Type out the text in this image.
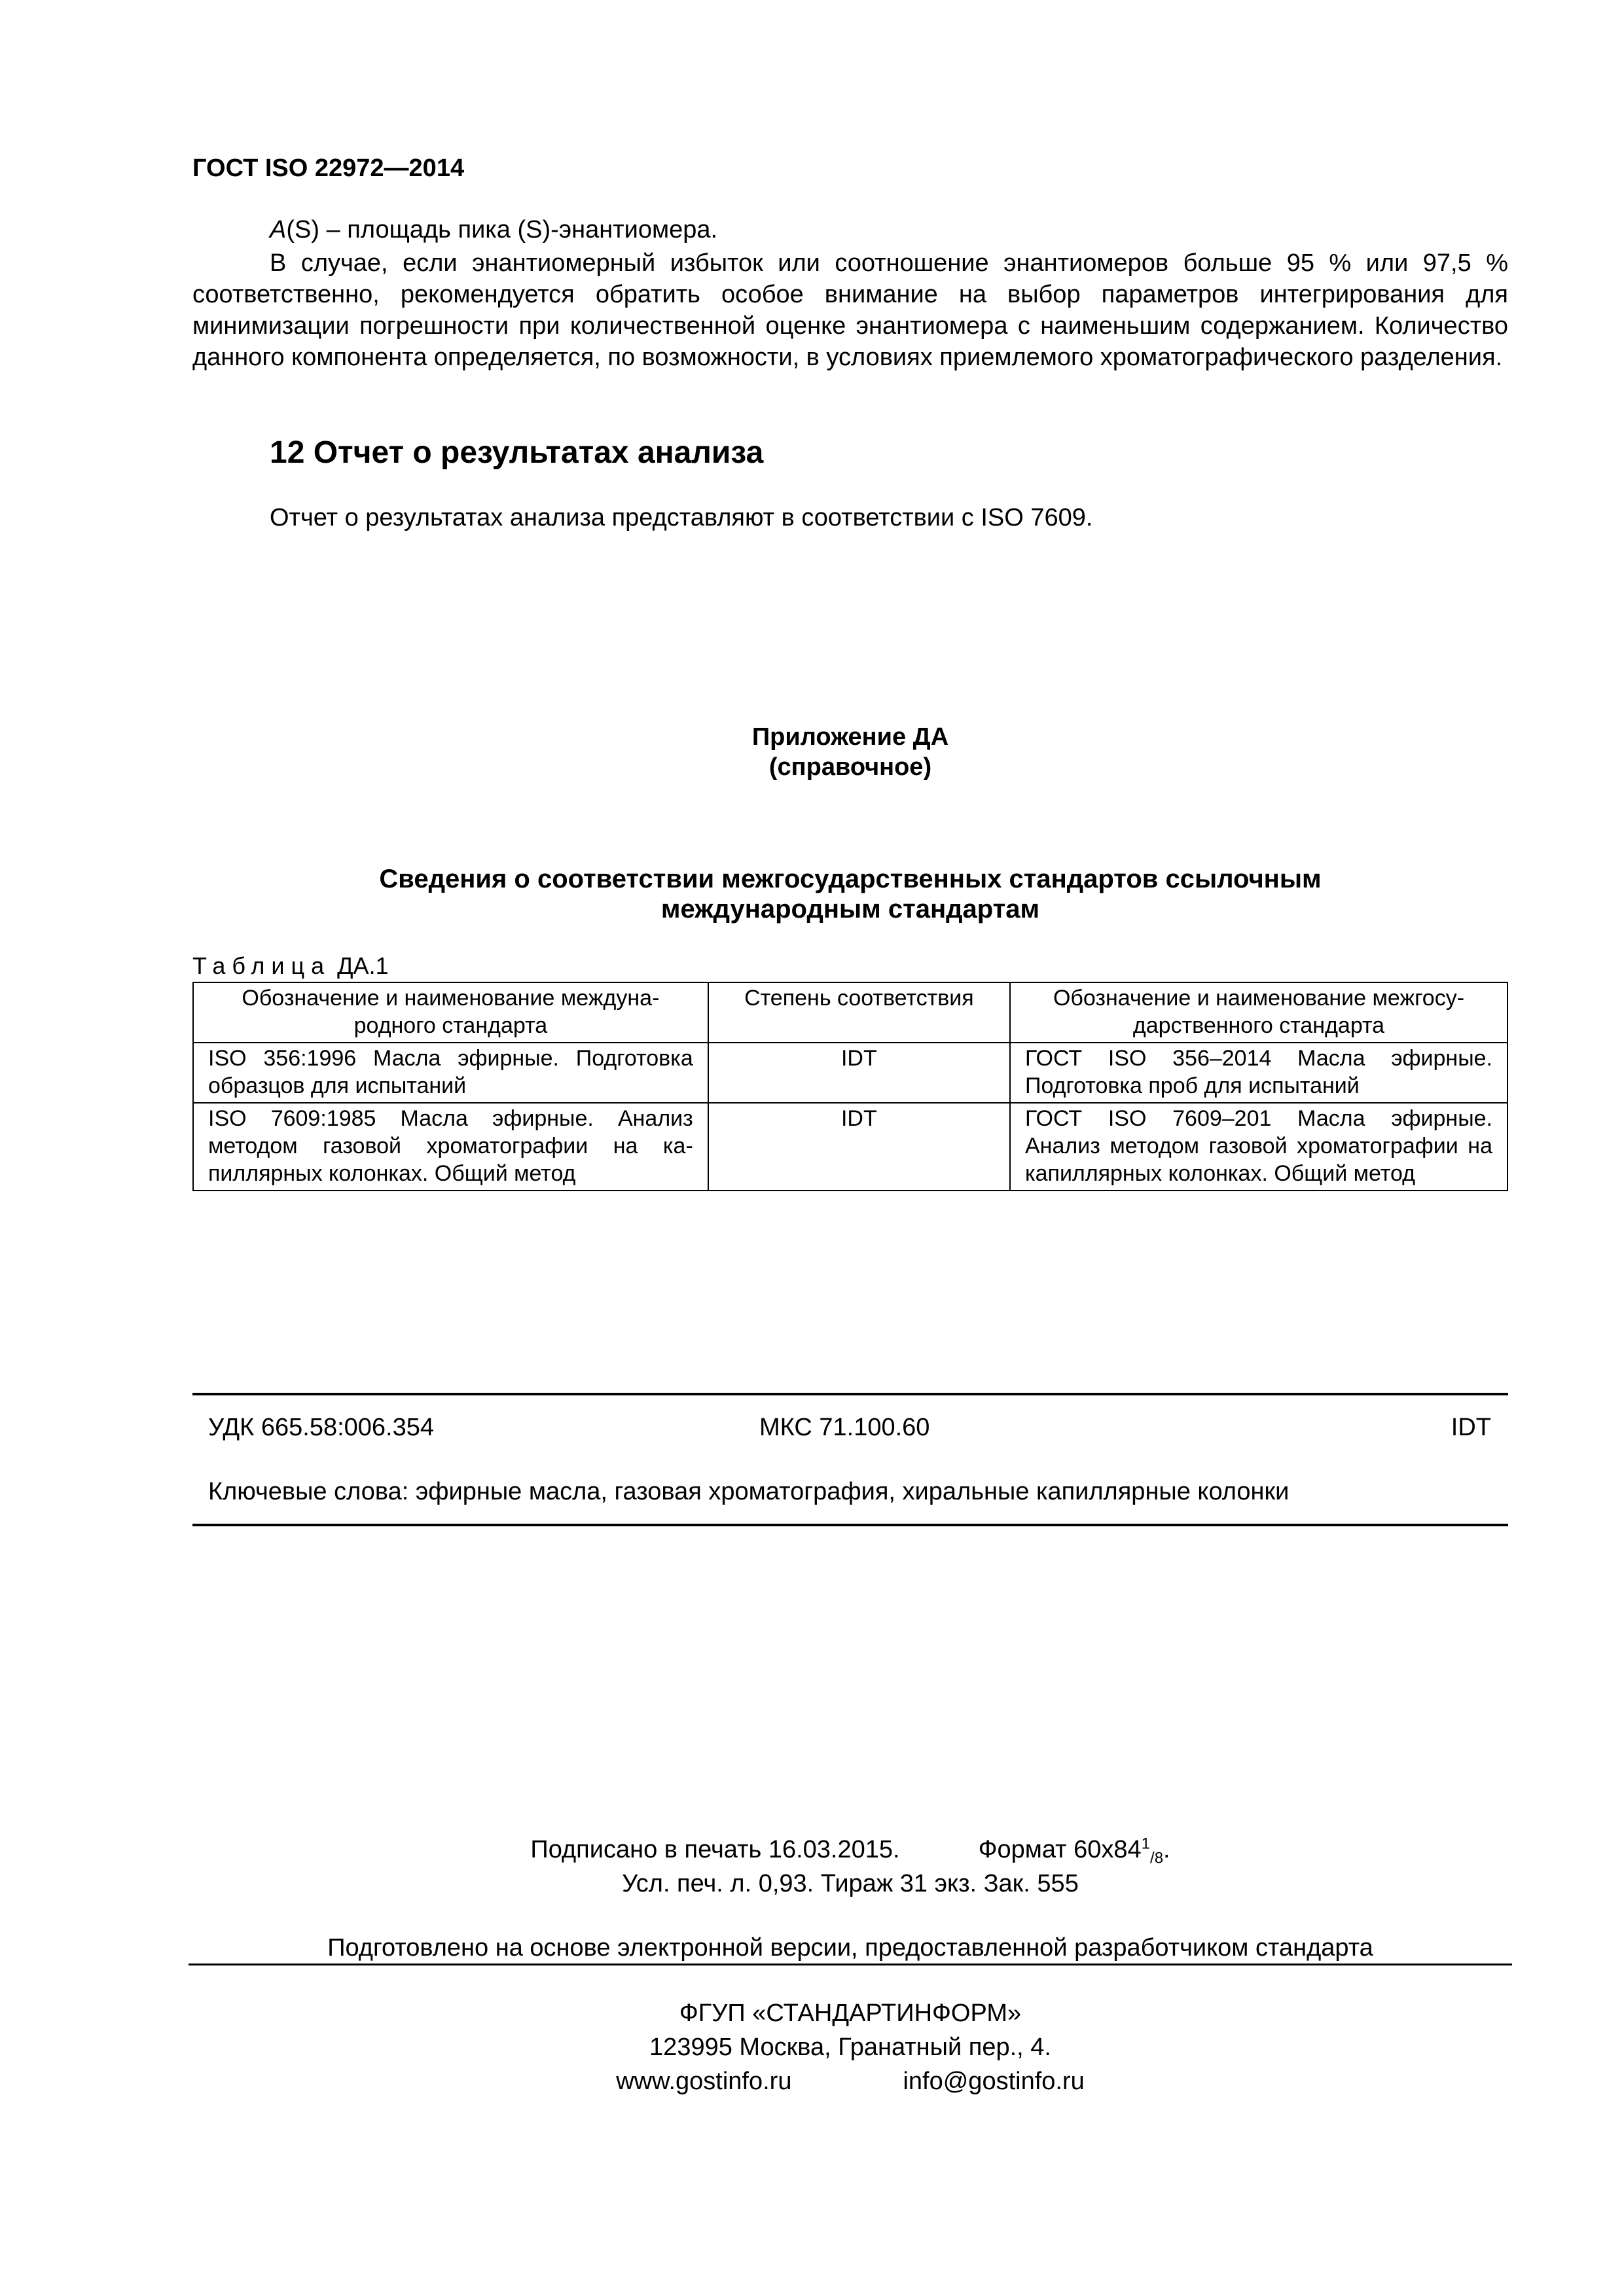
ГОСТ ISO 22972—2014
A(S) – площадь пика (S)-энантиомера.
В случае, если энантиомерный избыток или соотношение энантиомеров больше 95 % или 97,5 % соответственно, рекомендуется обратить особое внимание на выбор параметров интегрирования для минимизации погрешности при количественной оценке энантиомера с наименьшим содержанием. Количество данного компонента определяется, по возможности, в условиях приемлемого хроматографического разделения.
12 Отчет о результатах анализа
Отчет о результатах анализа представляют в соответствии с ISO 7609.
Приложение ДА
(справочное)
Сведения о соответствии межгосударственных стандартов ссылочным
международным стандартам
Таблица ДА.1
Обозначение и наименование междуна-родного стандарта	Степень соответствия	Обозначение и наименование межгосу-дарственного стандарта
ISO 356:1996 Масла эфирные. Подготовка образцов для испытаний	IDT	ГОСТ ISO 356–2014 Масла эфирные. Подготовка проб для испытаний
ISO 7609:1985 Масла эфирные. Анализ методом газовой хроматографии на ка-пиллярных колонках. Общий метод	IDT	ГОСТ ISO 7609–201 Масла эфирные. Анализ методом газовой хроматографии на капиллярных колонках. Общий метод
УДК 665.58:006.354	МКС 71.100.60	IDT
Ключевые слова: эфирные масла, газовая хроматография, хиральные капиллярные колонки
Подписано в печать 16.03.2015.	Формат $60x84^1_{/8}$.
Усл. печ. л. 0,93. Тираж 31 экз. Зак. 555
Подготовлено на основе электронной версии, предоставленной разработчиком стандарта
ФГУП «СТАНДАРТИНФОРМ»
123995 Москва, Гранатный пер., 4.
www.gostinfo.ru	info@gostinfo.ru
